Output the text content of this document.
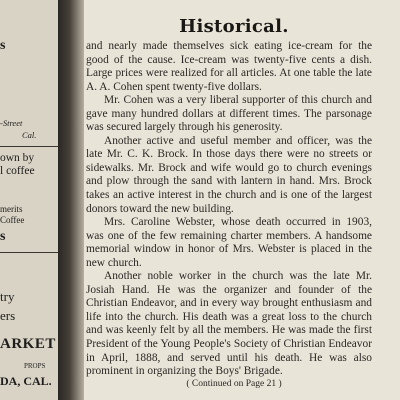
s
-Street
Cal.
own by
l coffee
merits
Coffee
s
try
ers
ARKET
PROPS
DA, CAL.
Historical.

and nearly made themselves sick eating ice-cream for the good of the cause. Ice-cream was twenty-five cents a dish. Large prices were realized for all articles. At one table the late A. A. Cohen spent twenty-five dollars.

Mr. Cohen was a very liberal supporter of this church and gave many hundred dollars at different times. The parsonage was secured largely through his generosity.

Another active and useful member and officer, was the late Mr. C. K. Brock. In those days there were no streets or sidewalks. Mr. Brock and wife would go to church evenings and plow through the sand with lantern in hand. Mrs. Brock takes an active interest in the church and is one of the largest donors toward the new building.

Mrs. Caroline Webster, whose death occurred in 1903, was one of the few remaining charter members. A handsome memorial window in honor of Mrs. Webster is placed in the new church.

Another noble worker in the church was the late Mr. Josiah Hand. He was the organizer and founder of the Christian Endeavor, and in every way brought enthusiasm and life into the church. His death was a great loss to the church and was keenly felt by all the members. He was made the first President of the Young People's Society of Christian Endeavor in April, 1888, and served until his death. He was also prominent in organizing the Boys' Brigade.

( Continued on Page 21 )
